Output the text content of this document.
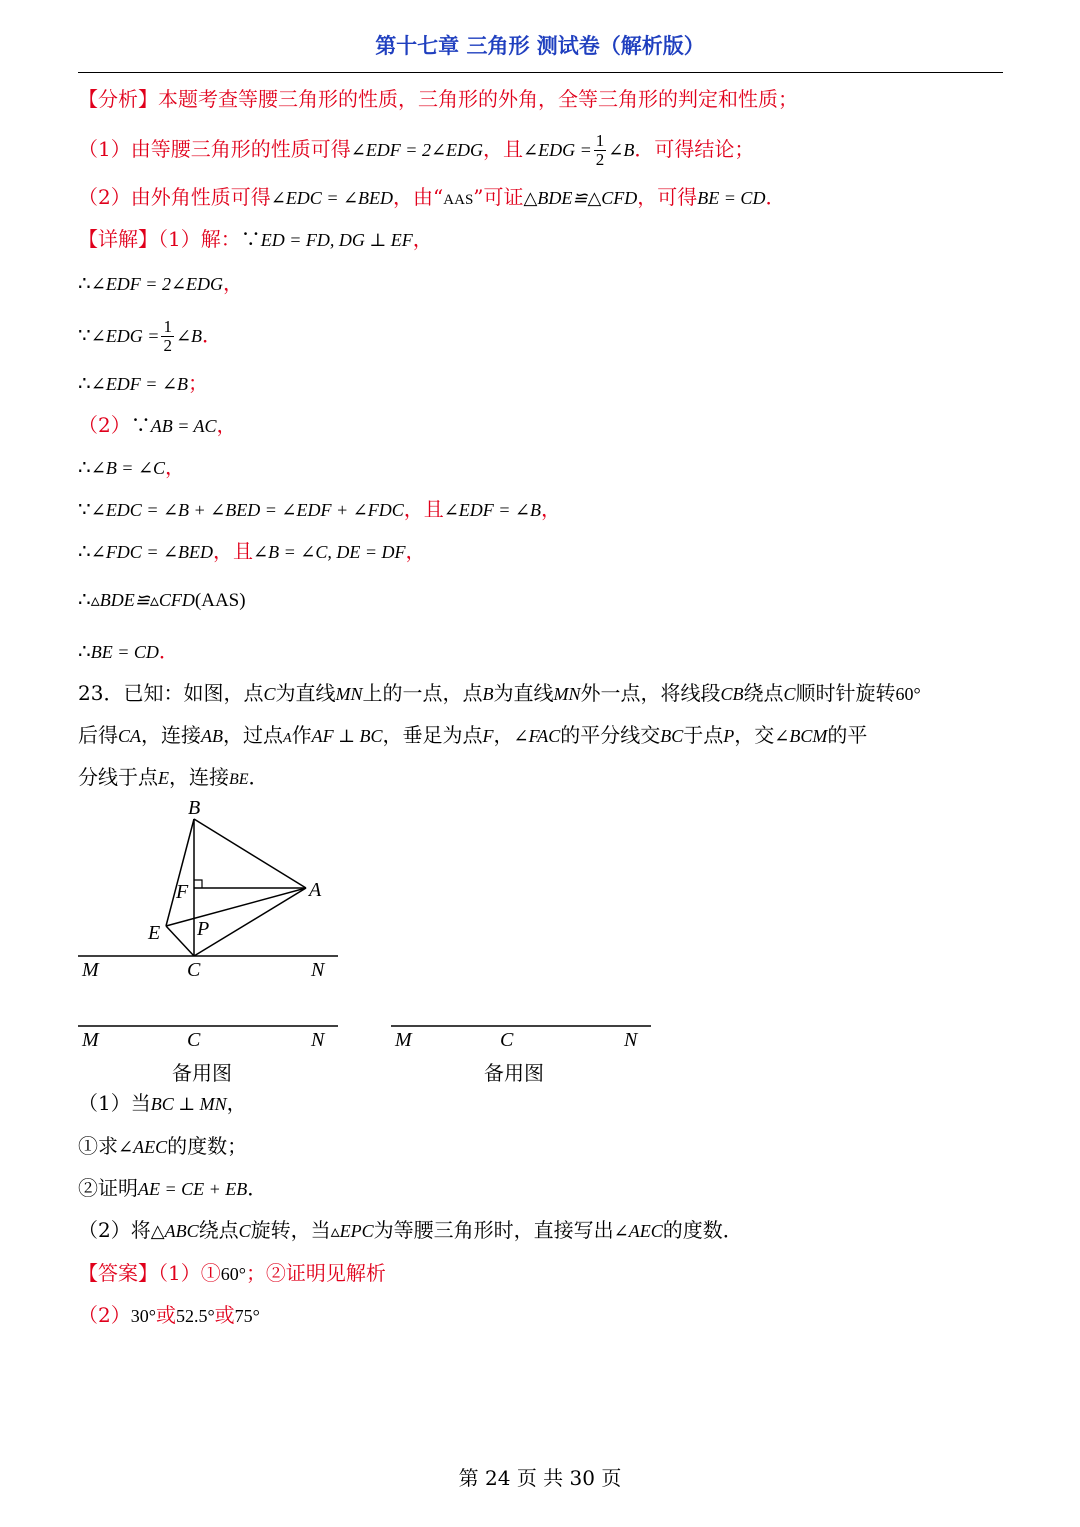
第十七章 三角形 测试卷（解析版）
【分析】本题考查等腰三角形的性质，三角形的外角，全等三角形的判定和性质；
（1）由等腰三角形的性质可得∠EDF = 2∠EDG，且∠EDG = $\frac{1}{2}$ ∠B．可得结论；
（2）由外角性质可得∠EDC = ∠BED，由“AAS”可证△BDE≌△CFD，可得BE = CD．
【详解】（1）解：∵ED = FD, DG ⊥ EF，
∴∠EDF = 2∠EDG，
∵∠EDG = $\frac{1}{2}$ ∠B．
∴∠EDF = ∠B；
（2）∵AB = AC，
∴∠B = ∠C，
∵∠EDC = ∠B + ∠BED = ∠EDF + ∠FDC，且∠EDF = ∠B，
∴∠FDC = ∠BED，且∠B = ∠C, DE = DF，
∴▵BDE≌▵CFD(AAS)
∴BE = CD．
23．已知：如图，点C为直线MN上的一点，点B为直线MN外一点，将线段CB绕点C顺时针旋转60°
后得CA，连接AB，过点A作AF ⊥ BC，垂足为点F，∠FAC的平分线交BC于点P，交∠BCM的平
分线于点E，连接BE．
B
F	A
E P
M	C	N
M	C	N
备用图
M	C	N
备用图
（1）当BC ⊥ MN，
①求∠AEC的度数；
②证明AE = CE + EB．
（2）将△ABC绕点C旋转，当▵EPC为等腰三角形时，直接写出∠AEC的度数．
【答案】（1）①60°；②证明见解析
（2）30°或52.5°或75°
第 24 页 共 30 页
